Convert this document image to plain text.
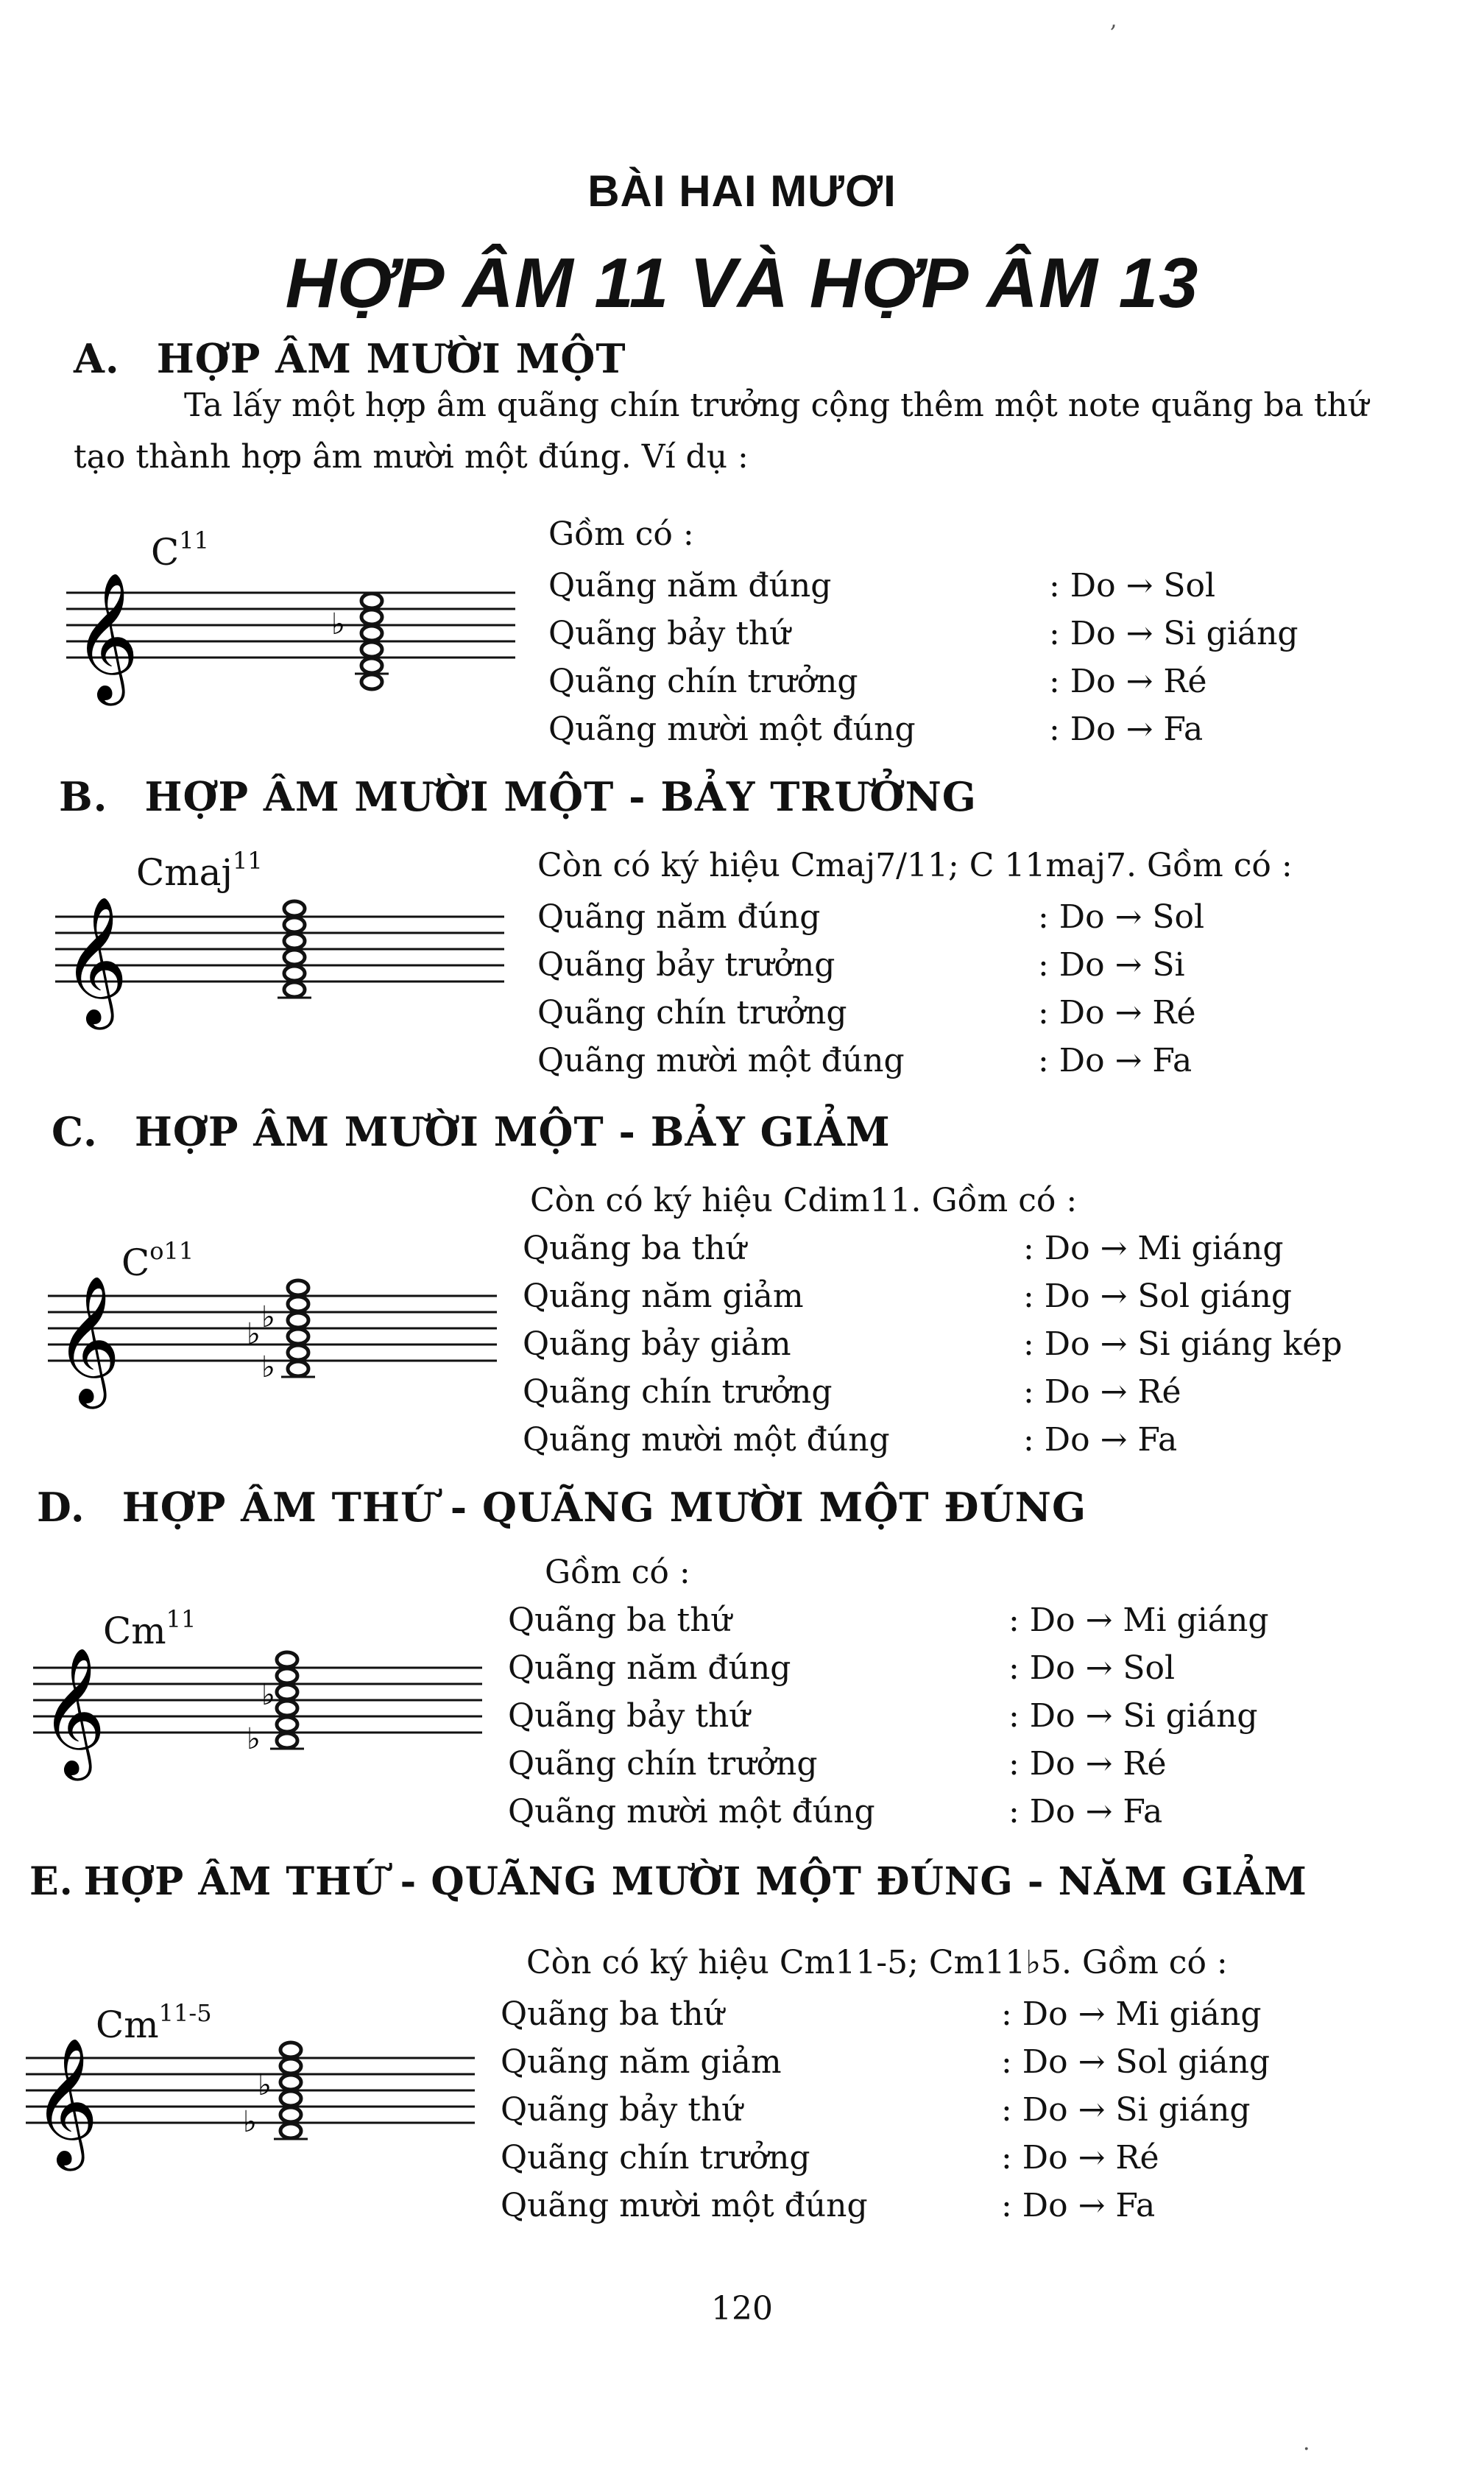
,
BÀI HAI MƯƠI
HỢP ÂM 11 VÀ HỢP ÂM 13
A. HỢP ÂM MƯỜI MỘT
Ta lấy một hợp âm quãng chín trưởng cộng thêm một note quãng ba thứ
tạo thành hợp âm mười một đúng. Ví dụ :
$C^{11}$
𝄞	♭
Gồm có :
Quãng năm đúng	: Do → Sol
Quãng bảy thứ	: Do → Si giáng
Quãng chín trưởng	: Do → Ré
Quãng mười một đúng	: Do → Fa
B. HỢP ÂM MƯỜI MỘT - BẢY TRƯỞNG
Cmaj$^{11}$
𝄞
Còn có ký hiệu Cmaj7/11; C 11maj7. Gồm có :
Quãng năm đúng	: Do → Sol
Quãng bảy trưởng	: Do → Si
Quãng chín trưởng	: Do → Ré
Quãng mười một đúng	: Do → Fa
C. HỢP ÂM MƯỜI MỘT - BẢY GIẢM
$C^{o11}$
𝄞	♭ ♭
♭
Còn có ký hiệu Cdim11. Gồm có :
Quãng ba thứ	: Do → Mi giáng
Quãng năm giảm	: Do → Sol giáng
Quãng bảy giảm	: Do → Si giáng kép
Quãng chín trưởng	: Do → Ré
Quãng mười một đúng	: Do → Fa
D. HỢP ÂM THỨ - QUÃNG MƯỜI MỘT ĐÚNG
Cm$^{11}$
𝄞	♭
♭
Gồm có :
Quãng ba thứ	: Do → Mi giáng
Quãng năm đúng	: Do → Sol
Quãng bảy thứ	: Do → Si giáng
Quãng chín trưởng	: Do → Ré
Quãng mười một đúng	: Do → Fa
E. HỢP ÂM THỨ - QUÃNG MƯỜI MỘT ĐÚNG - NĂM GIẢM
Cm$^{11-5}$
𝄞	♭
♭
Còn có ký hiệu Cm11-5; Cm11♭5. Gồm có :
Quãng ba thứ	: Do → Mi giáng
Quãng năm giảm	: Do → Sol giáng
Quãng bảy thứ	: Do → Si giáng
Quãng chín trưởng	: Do → Ré
Quãng mười một đúng	: Do → Fa
120
.
